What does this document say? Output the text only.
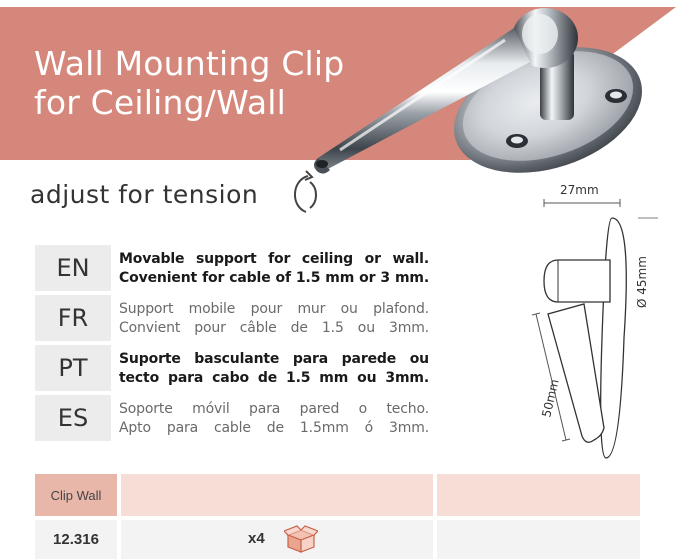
Wall Mounting Clip
for Ceiling/Wall
adjust for tension
EN	Movable support for ceiling or wall.
Covenient for cable of 1.5 mm or 3 mm.
FR	Support mobile pour mur ou plafond.
Convient pour câble de 1.5 ou 3mm.
PT	Suporte basculante para parede ou
tecto para cabo de 1.5 mm ou 3mm.
ES	Soporte móvil para pared o techo.
Apto para cable de 1.5mm ó 3mm.
27mm
Ø 45mm
50mm
Clip Wall
12.316	x4
